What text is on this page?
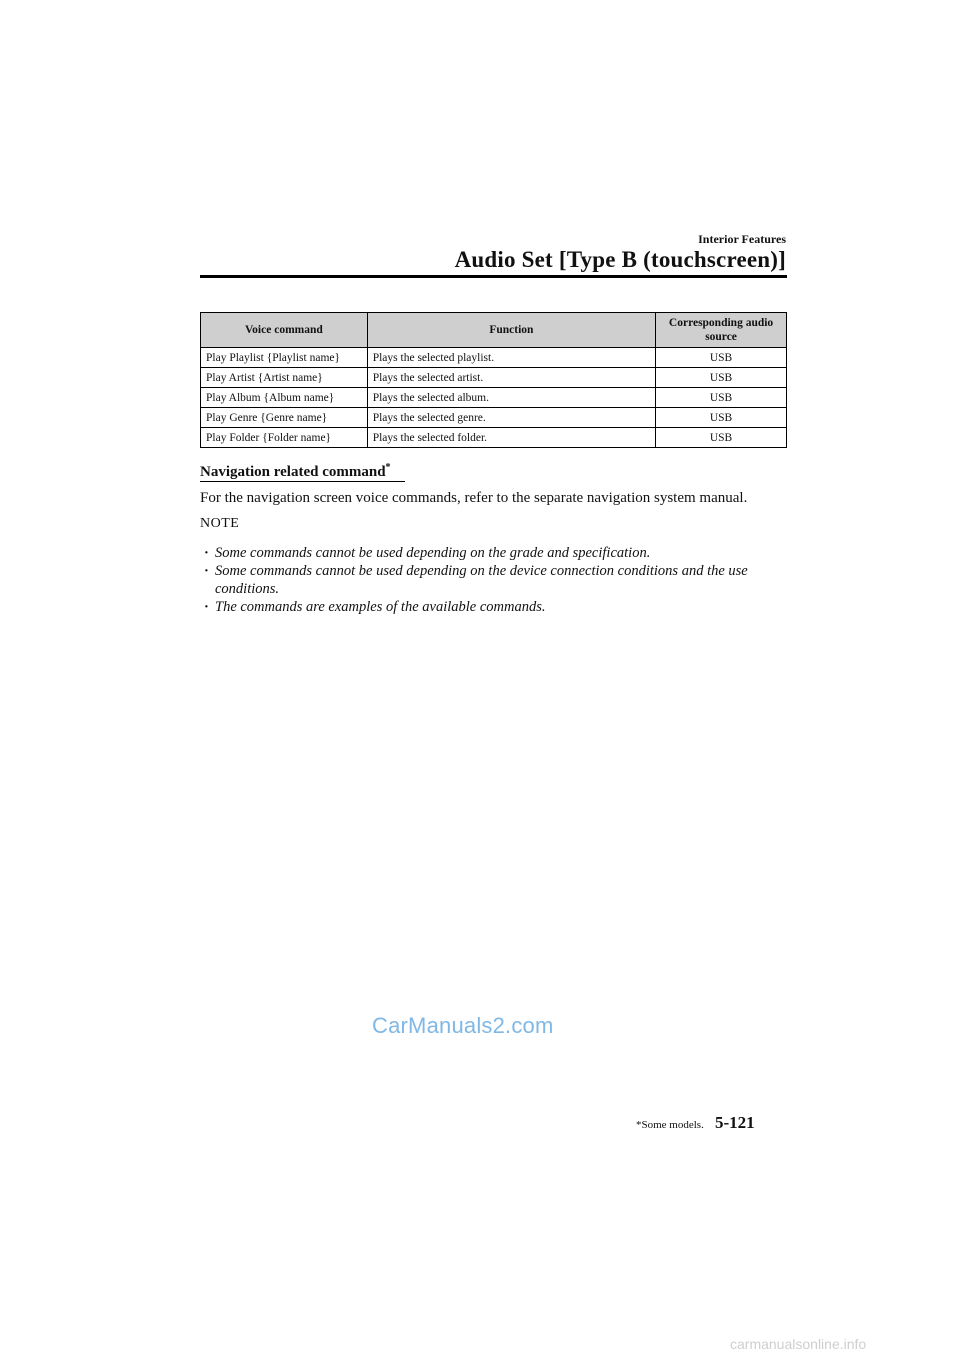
Interior Features
Audio Set [Type B (touchscreen)]
Voice command	Function	Corresponding audio source
Play Playlist {Playlist name}	Plays the selected playlist.	USB
Play Artist {Artist name}	Plays the selected artist.	USB
Play Album {Album name}	Plays the selected album.	USB
Play Genre {Genre name}	Plays the selected genre.	USB
Play Folder {Folder name}	Plays the selected folder.	USB
Navigation related command*
For the navigation screen voice commands, refer to the separate navigation system manual.
NOTE
· Some commands cannot be used depending on the grade and specification.
· Some commands cannot be used depending on the device connection conditions and the use conditions.
· The commands are examples of the available commands.
CarManuals2.com
*Some models. 5-121
carmanualsonline.info
